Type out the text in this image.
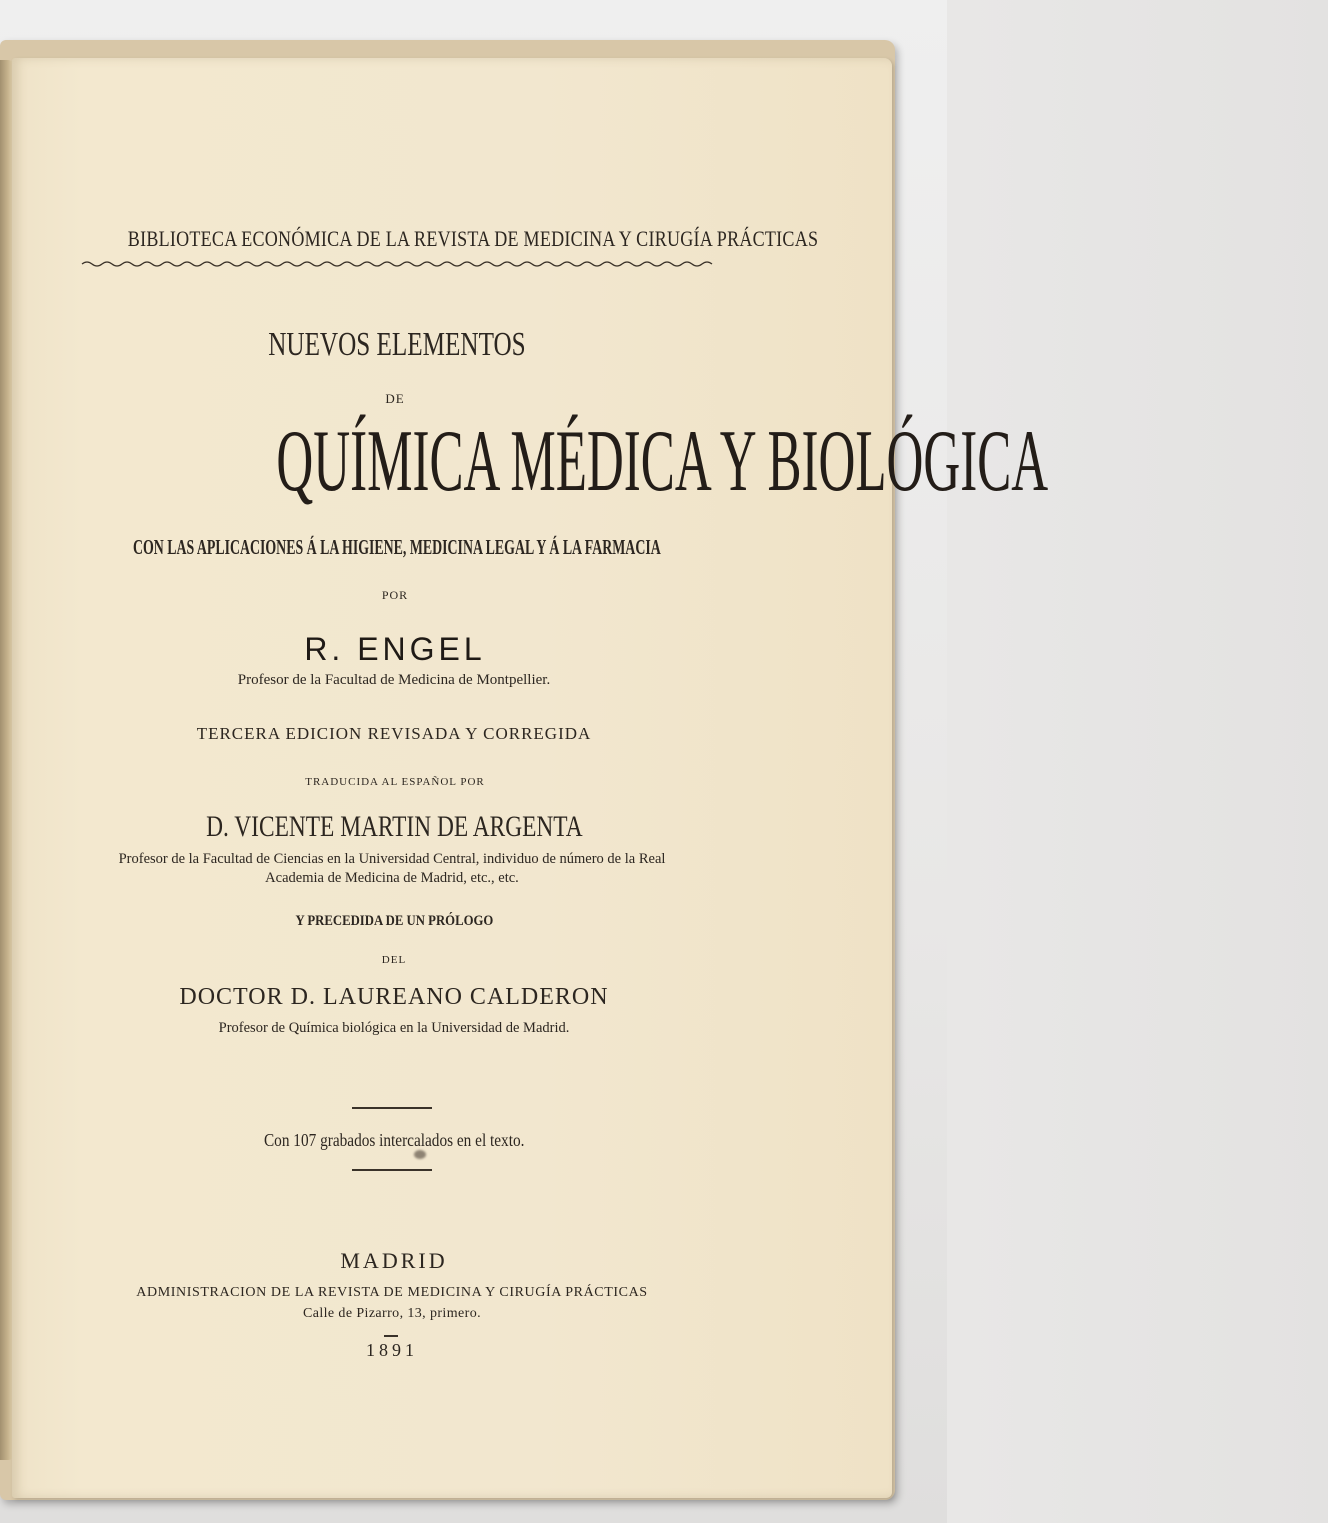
BIBLIOTECA ECONÓMICA DE LA REVISTA DE MEDICINA Y CIRUGÍA PRÁCTICAS
NUEVOS ELEMENTOS
DE
QUÍMICA MÉDICA Y BIOLÓGICA
CON LAS APLICACIONES Á LA HIGIENE, MEDICINA LEGAL Y Á LA FARMACIA
POR
R. ENGEL
Profesor de la Facultad de Medicina de Montpellier.
TERCERA EDICION REVISADA Y CORREGIDA
TRADUCIDA AL ESPAÑOL POR
D. VICENTE MARTIN DE ARGENTA
Profesor de la Facultad de Ciencias en la Universidad Central, individuo de número de la Real
Academia de Medicina de Madrid, etc., etc.
Y PRECEDIDA DE UN PRÓLOGO
DEL
DOCTOR D. LAUREANO CALDERON
Profesor de Química biológica en la Universidad de Madrid.
Con 107 grabados intercalados en el texto.
MADRID
ADMINISTRACION DE LA REVISTA DE MEDICINA Y CIRUGÍA PRÁCTICAS
Calle de Pizarro, 13, primero.
1891
